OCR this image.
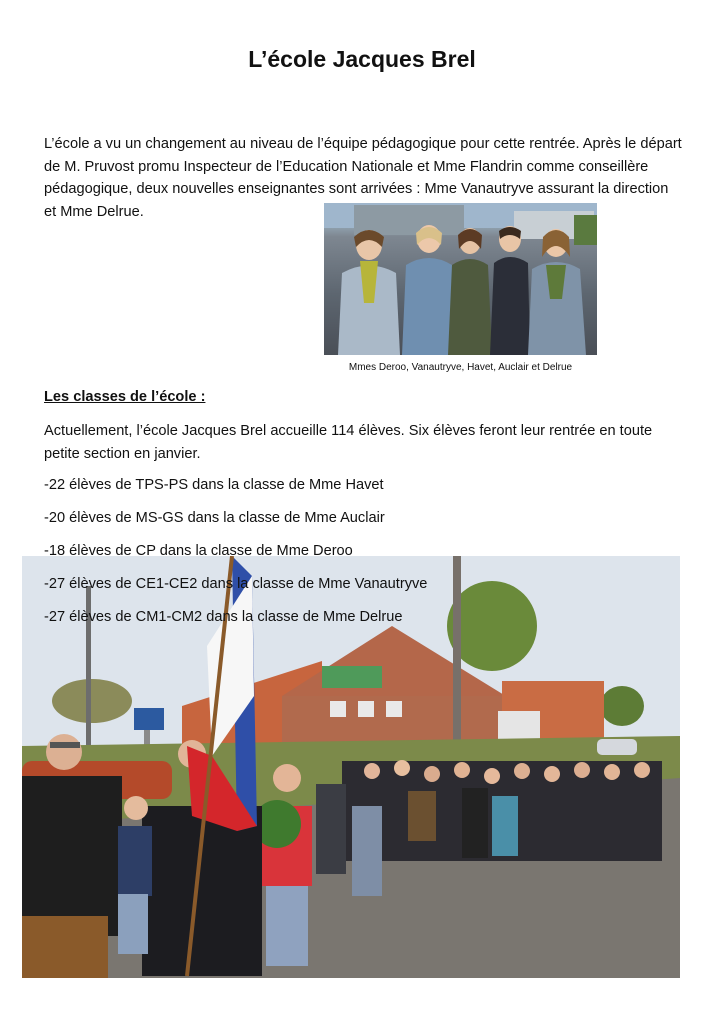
L’école Jacques Brel

L’école a vu un changement au niveau de l’équipe pédagogique pour cette rentrée. Après le départ de M. Pruvost promu Inspecteur de l’Education Nationale et Mme Flandrin comme conseillère pédagogique, deux nouvelles enseignantes sont arrivées : Mme Vanautryve assurant la direction et Mme Delrue.

Mmes Deroo, Vanautryve, Havet, Auclair et Delrue

Les classes de l’école :

Actuellement, l’école Jacques Brel accueille 114 élèves. Six élèves feront leur rentrée en toute petite section en janvier.

-22 élèves de TPS-PS dans la classe de Mme Havet
-20 élèves de MS-GS dans la classe de Mme Auclair
-18 élèves de CP dans la classe de Mme Deroo
-27 élèves de CE1-CE2 dans la classe de Mme Vanautryve
-27 élèves de CM1-CM2 dans la classe de Mme Delrue
